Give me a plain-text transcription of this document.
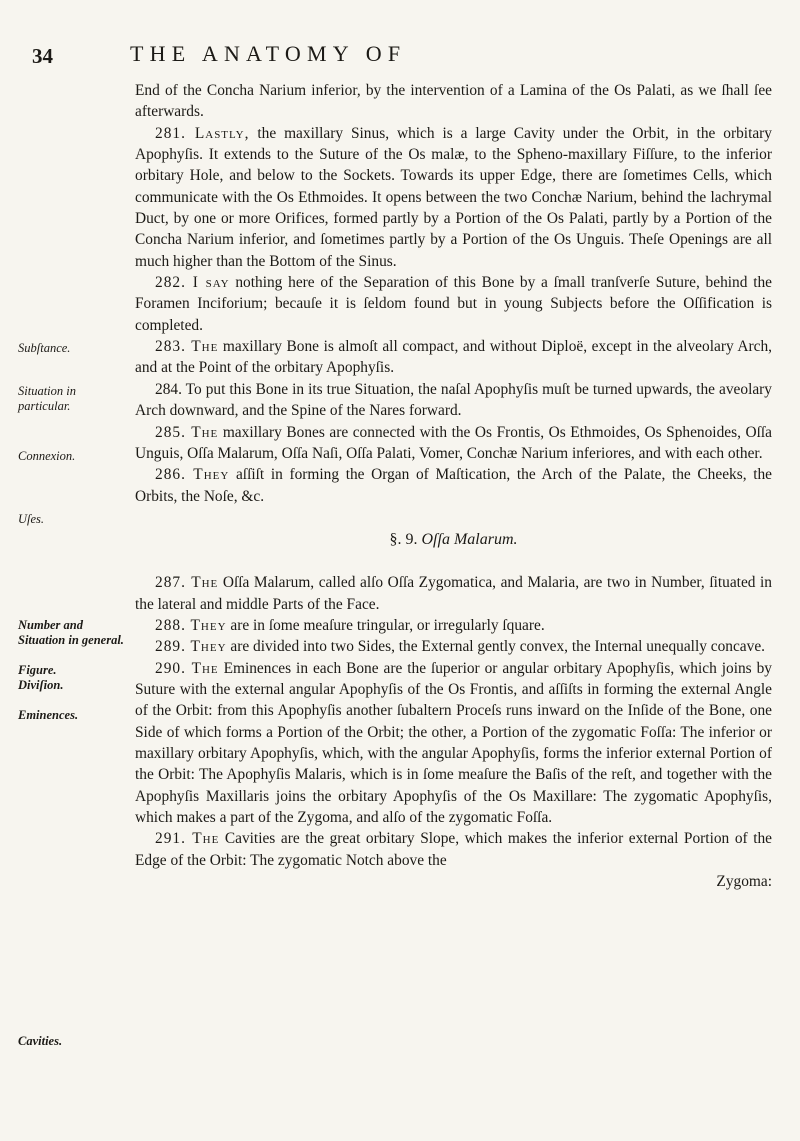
34	THE ANATOMY OF
Subſtance.
Situation in particular.
Connexion.
Uſes.
Number and Situation in general.
Figure.
Diviſion.
Eminences.
Cavities.

End of the Concha Narium inferior, by the intervention of a Lamina of the Os Palati, as we ſhall ſee afterwards.

281. Lastly, the maxillary Sinus, which is a large Cavity under the Orbit, in the orbitary Apophyſis. It extends to the Suture of the Os malæ, to the Spheno-maxillary Fiſſure, to the inferior orbitary Hole, and below to the Sockets. Towards its upper Edge, there are ſometimes Cells, which communicate with the Os Ethmoides. It opens between the two Conchæ Narium, behind the lachrymal Duct, by one or more Orifices, formed partly by a Portion of the Os Palati, partly by a Portion of the Concha Narium inferior, and ſometimes partly by a Portion of the Os Unguis. Theſe Openings are all much higher than the Bottom of the Sinus.

282. I say nothing here of the Separation of this Bone by a ſmall tranſverſe Suture, behind the Foramen Inciforium; becauſe it is ſeldom found but in young Subjects before the Oſſification is completed.

283. The maxillary Bone is almoſt all compact, and without Diploë, except in the alveolary Arch, and at the Point of the orbitary Apophyſis.

284. To put this Bone in its true Situation, the naſal Apophyſis muſt be turned upwards, the aveolary Arch downward, and the Spine of the Nares forward.

285. The maxillary Bones are connected with the Os Frontis, Os Ethmoides, Os Sphenoides, Oſſa Unguis, Oſſa Malarum, Oſſa Naſi, Oſſa Palati, Vomer, Conchæ Narium inferiores, and with each other.

286. They aſſiſt in forming the Organ of Maſtication, the Arch of the Palate, the Cheeks, the Orbits, the Noſe, &c.

§. 9. Oſſa Malarum.

287. The Oſſa Malarum, called alſo Oſſa Zygomatica, and Malaria, are two in Number, ſituated in the lateral and middle Parts of the Face.

288. They are in ſome meaſure tringular, or irregularly ſquare.

289. They are divided into two Sides, the External gently convex, the Internal unequally concave.

290. The Eminences in each Bone are the ſuperior or angular orbitary Apophyſis, which joins by Suture with the external angular Apophyſis of the Os Frontis, and aſſiſts in forming the external Angle of the Orbit: from this Apophyſis another ſubaltern Proceſs runs inward on the Inſide of the Bone, one Side of which forms a Portion of the Orbit; the other, a Portion of the zygomatic Foſſa: The inferior or maxillary orbitary Apophyſis, which, with the angular Apophyſis, forms the inferior external Portion of the Orbit: The Apophyſis Malaris, which is in ſome meaſure the Baſis of the reſt, and together with the Apophyſis Maxillaris joins the orbitary Apophyſis of the Os Maxillare: The zygomatic Apophyſis, which makes a part of the Zygoma, and alſo of the zygomatic Foſſa.

291. The Cavities are the great orbitary Slope, which makes the inferior external Portion of the Edge of the Orbit: The zygomatic Notch above the

Zygoma:
